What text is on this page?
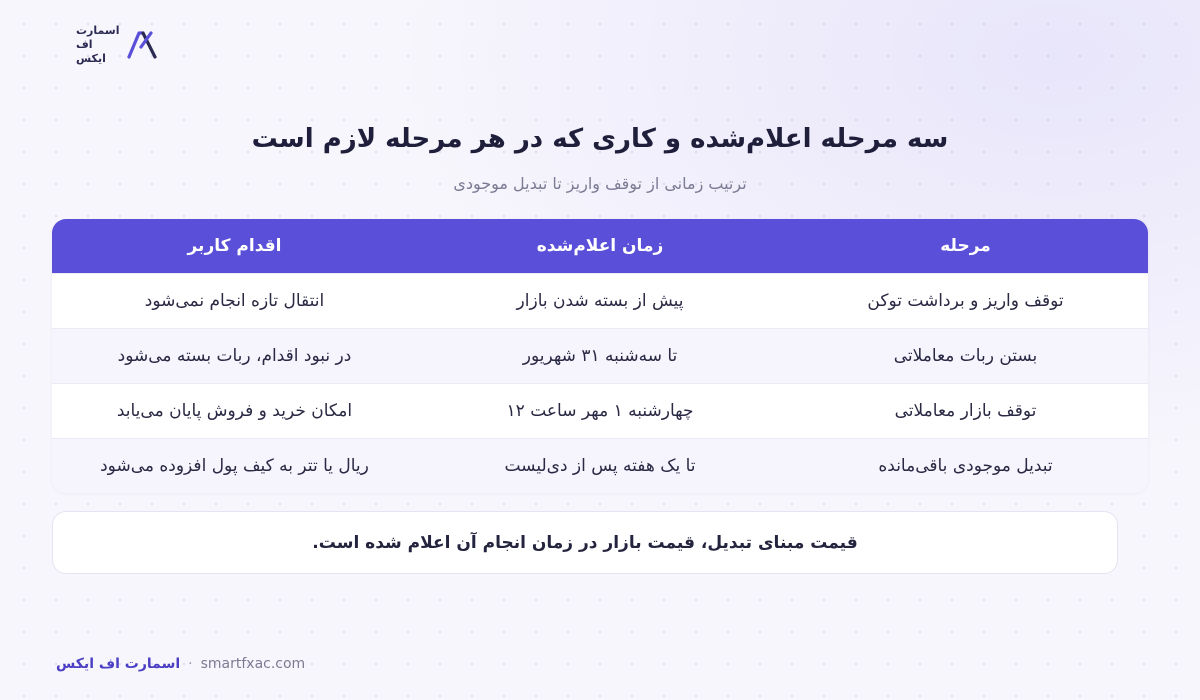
اسمارت
اف
ایکس
سه مرحله اعلام‌شده و کاری که در هر مرحله لازم است

ترتیب زمانی از توقف واریز تا تبدیل موجودی

مرحله	زمان اعلام‌شده	اقدام کاربر
توقف واریز و برداشت توکن	پیش از بسته شدن بازار	انتقال تازه انجام نمی‌شود
بستن ربات معاملاتی	تا سه‌شنبه ۳۱ شهریور	در نبود اقدام، ربات بسته می‌شود
توقف بازار معاملاتی	چهارشنبه ۱ مهر ساعت ۱۲	امکان خرید و فروش پایان می‌یابد
تبدیل موجودی باقی‌مانده	تا یک هفته پس از دی‌لیست	ریال یا تتر به کیف پول افزوده می‌شود
قیمت مبنای تبدیل، قیمت بازار در زمان انجام آن اعلام شده است.
اسمارت اف ایکس · smartfxac.com
